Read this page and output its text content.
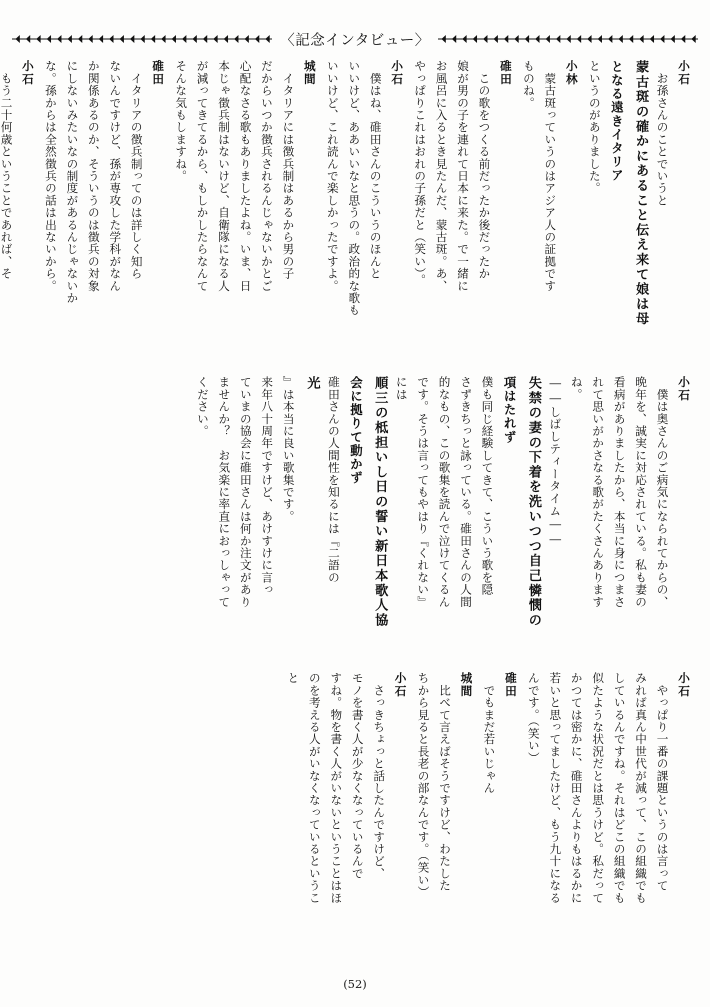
〈記念インタビュー〉
小石
　お孫さんのことでいうと
蒙古斑の確かにあること伝え来て娘は母
となる遠きイタリア
というのがありました。
小林
　蒙古斑っていうのはアジア人の証拠です
ものね。
碓田
　この歌をつくる前だったか後だったか
娘が男の子を連れて日本に来た。で一緒に
お風呂に入るとき見たんだ、蒙古斑。あ、
やっぱりこれはおれの子孫だと（笑い）。
小石
　僕はね、碓田さんのこういうのほんと
いいけど、ああいいなと思うの。政治的な歌も
いいけど、これ読んで楽しかったですよ。
城間
　イタリアには徴兵制はあるから男の子
だからいつか徴兵されるんじゃないかとご
心配なさる歌もありましたよね。いま、日
本じゃ徴兵制はないけど、自衛隊になる人
が減ってきてるから、もしかしたらなんて
そんな気もしますね。
碓田
　イタリアの徴兵制ってのは詳しく知ら
ないんですけど、孫が専攻した学科がなん
か関係あるのか、そういうのは徴兵の対象
にしないみたいなの制度があるんじゃないか
な。孫からは全然徴兵の話は出ないから。
小石
　もう二十何歳ということであれば、そ
小石
　僕は奥さんのご病気になられてからの、
晩年を、誠実に対応されている。私も妻の
看病がありましたから、本当に身につまさ
れて思いがかさなる歌がたくさんあります
ね。
――しばしティータイム――
失禁の妻の下着を洗いつつ自己憐憫の
項はたれず
僕も同じ経験してきて、こういう歌を隠
さずきちっと詠っている。碓田さんの人間
的なもの、この歌集を読んで泣けてくるん
です。そうは言ってもやはり『くれない』
には
順三の柢担いし日の誓い新日本歌人協
会に拠りて動かず
碓田さんの人間性を知るには『二語の
光
』は本当に良い歌集です。
来年八十周年ですけど、あけすけに言っ
ていまの協会に碓田さんは何か注文があり
ませんか？　お気楽に率直におっしゃって
ください。
小石
　やっぱり一番の課題というのは言って
みれば真ん中世代が減って、この組織でも
しているんですね。それはどこの組織でも
似たような状況だとは思うけど。私だって
かつては密かに、碓田さんよりもはるかに
若いと思ってましたけど、もう九十になる
んです。（笑い）
碓田
　でもまだ若いじゃん
城間
　比べて言えばそうですけど、わたした
ちから見ると長老の部なんです。（笑い）
小石
　さっきちょっと話したんですけど、
モノを書く人が少なくなっているんで
すね。物を書く人がいないということはほ
のを考える人がいなくなっているというこ
と
(52)
